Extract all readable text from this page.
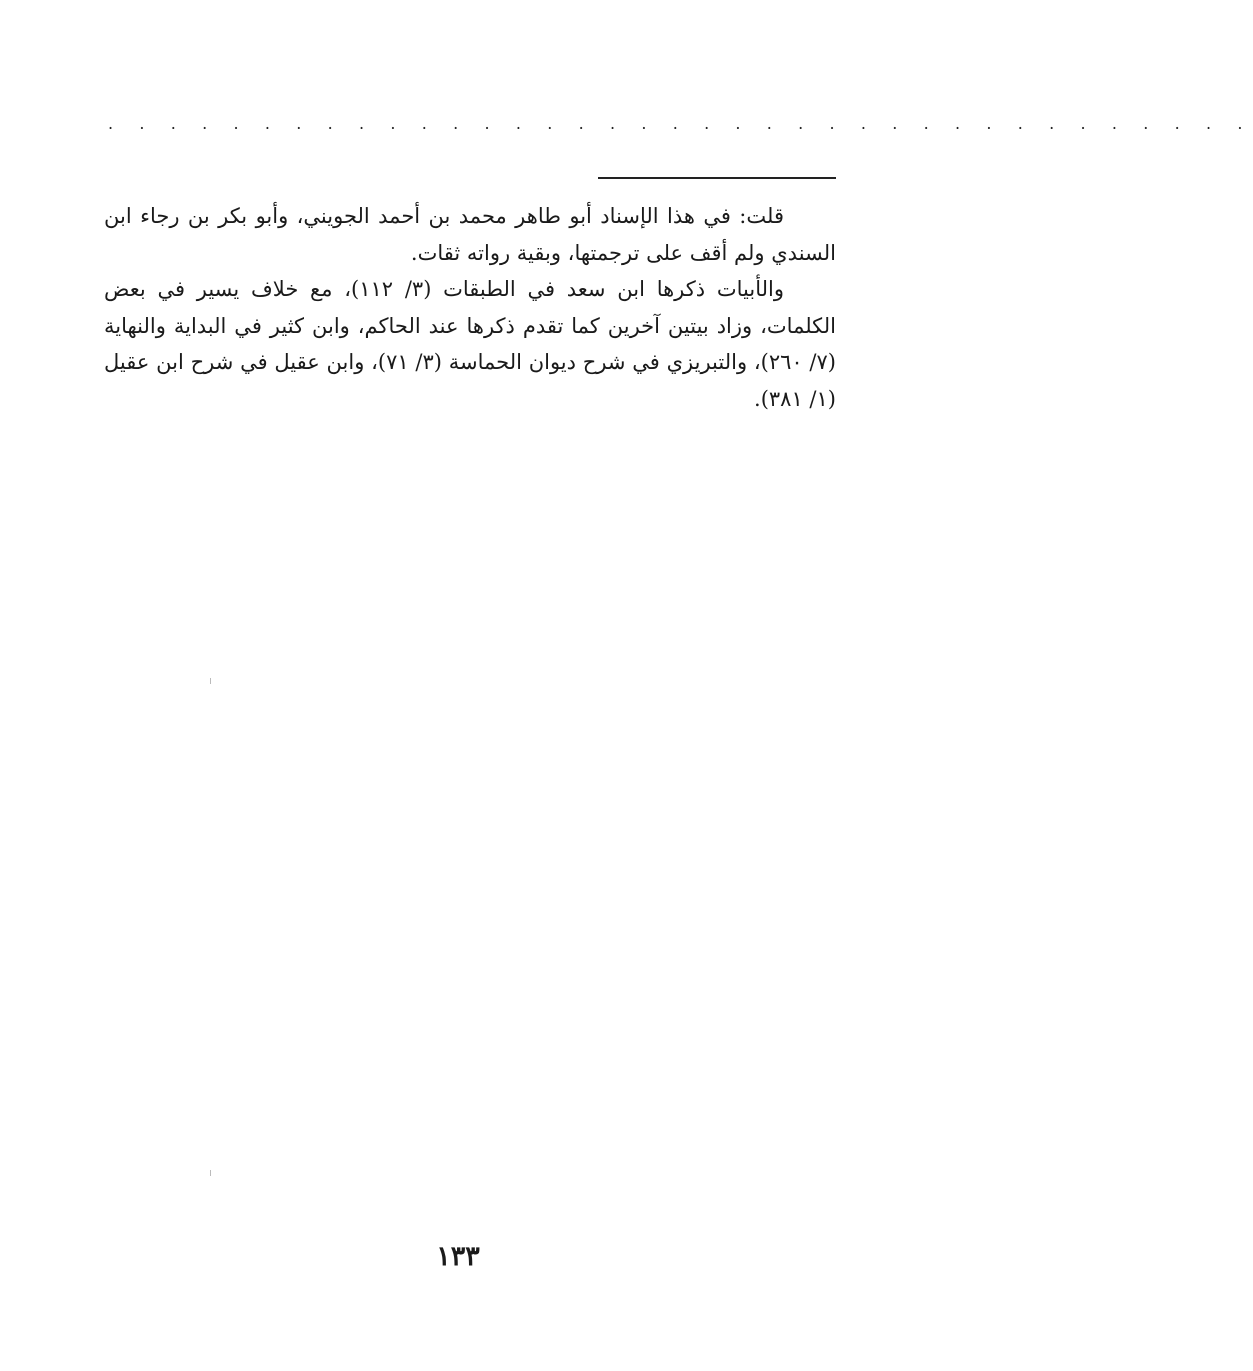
. . . . . . . . . . . . . . . . . . . . . . . . . . . . . . . . . . . . .

قلت: في هذا الإسناد أبو طاهر محمد بن أحمد الجويني، وأبو بكر بن رجاء ابن السندي ولم أقف على ترجمتها، وبقية رواته ثقات.

والأبيات ذكرها ابن سعد في الطبقات (٣/ ١١٢)، مع خلاف يسير في بعض الكلمات، وزاد بيتين آخرين كما تقدم ذكرها عند الحاكم، وابن كثير في البداية والنهاية (٧/ ٢٦٠)، والتبريزي في شرح ديوان الحماسة (٣/ ٧١)، وابن عقيل في شرح ابن عقيل (١/ ٣٨١).

١٣٣
